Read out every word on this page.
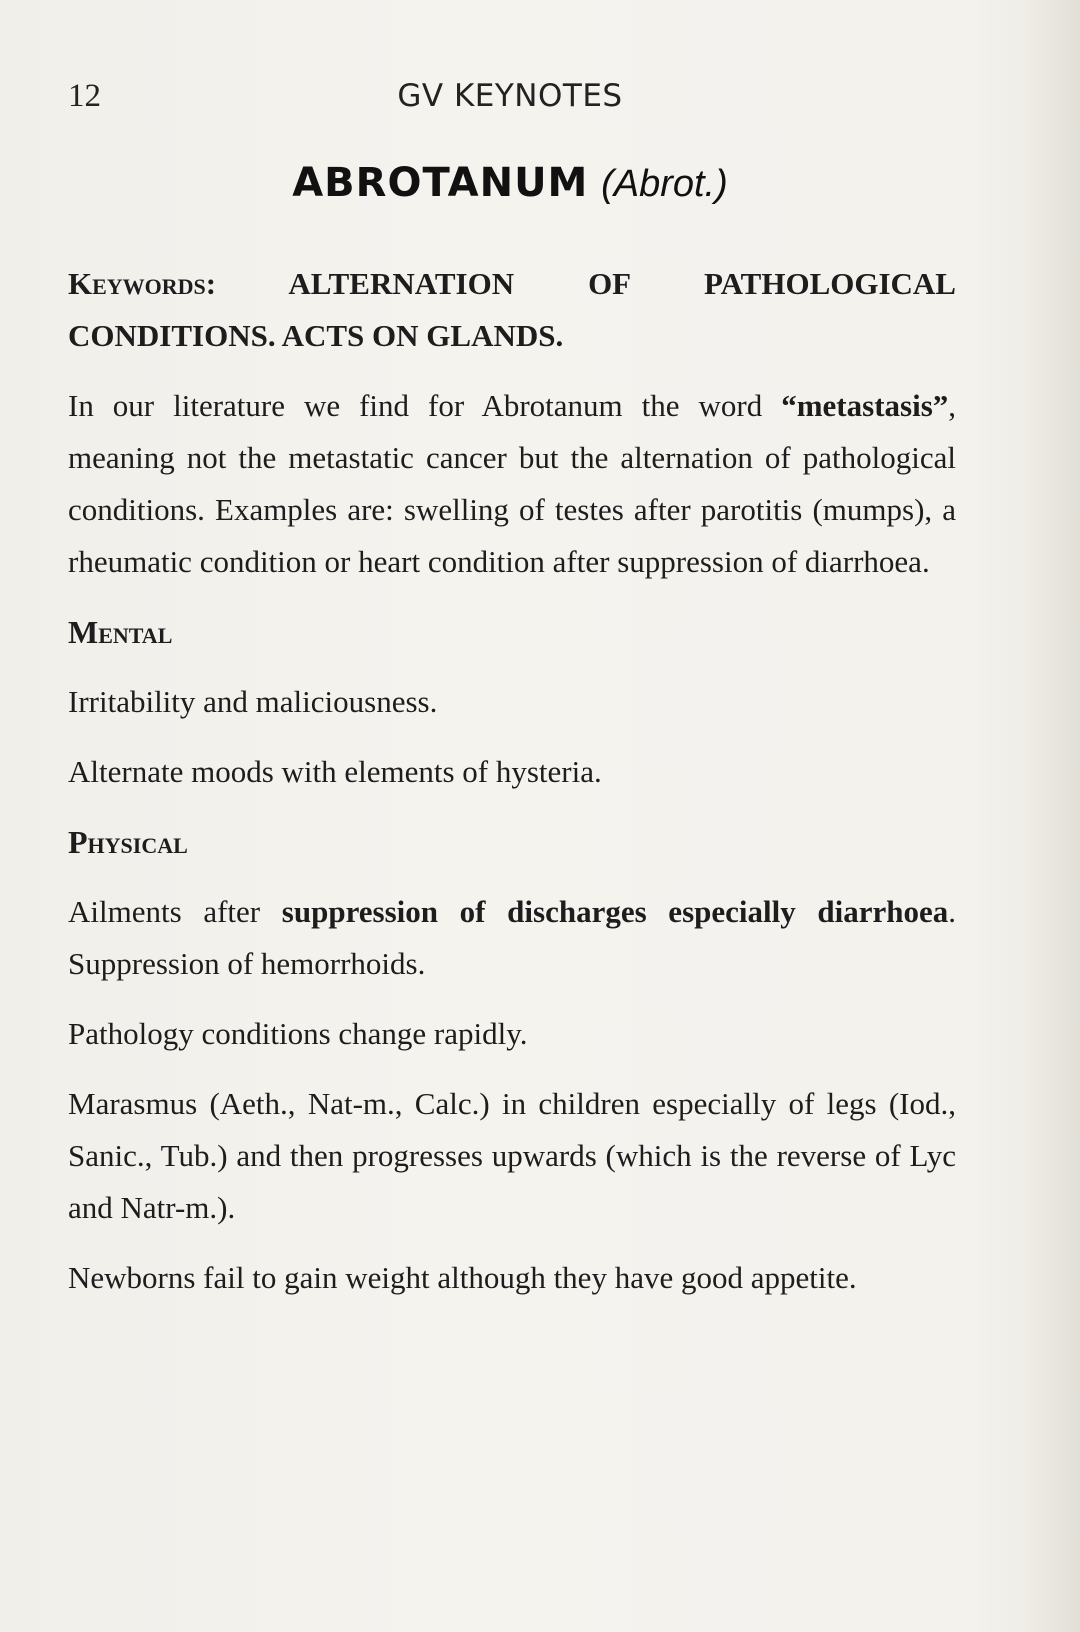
12	GV KEYNOTES
ABROTANUM (Abrot.)

Keywords: ALTERNATION OF PATHOLOGICAL CONDITIONS. ACTS ON GLANDS.

In our literature we find for Abrotanum the word “metastasis”, meaning not the metastatic cancer but the alternation of pathological conditions. Examples are: swelling of testes after parotitis (mumps), a rheumatic condition or heart condition after suppression of diarrhoea.

Mental

Irritability and maliciousness.

Alternate moods with elements of hysteria.

Physical

Ailments after suppression of discharges especially diarrhoea. Suppression of hemorrhoids.

Pathology conditions change rapidly.

Marasmus (Aeth., Nat-m., Calc.) in children especially of legs (Iod., Sanic., Tub.) and then progresses upwards (which is the reverse of Lyc and Natr-m.).

Newborns fail to gain weight although they have good appetite.
